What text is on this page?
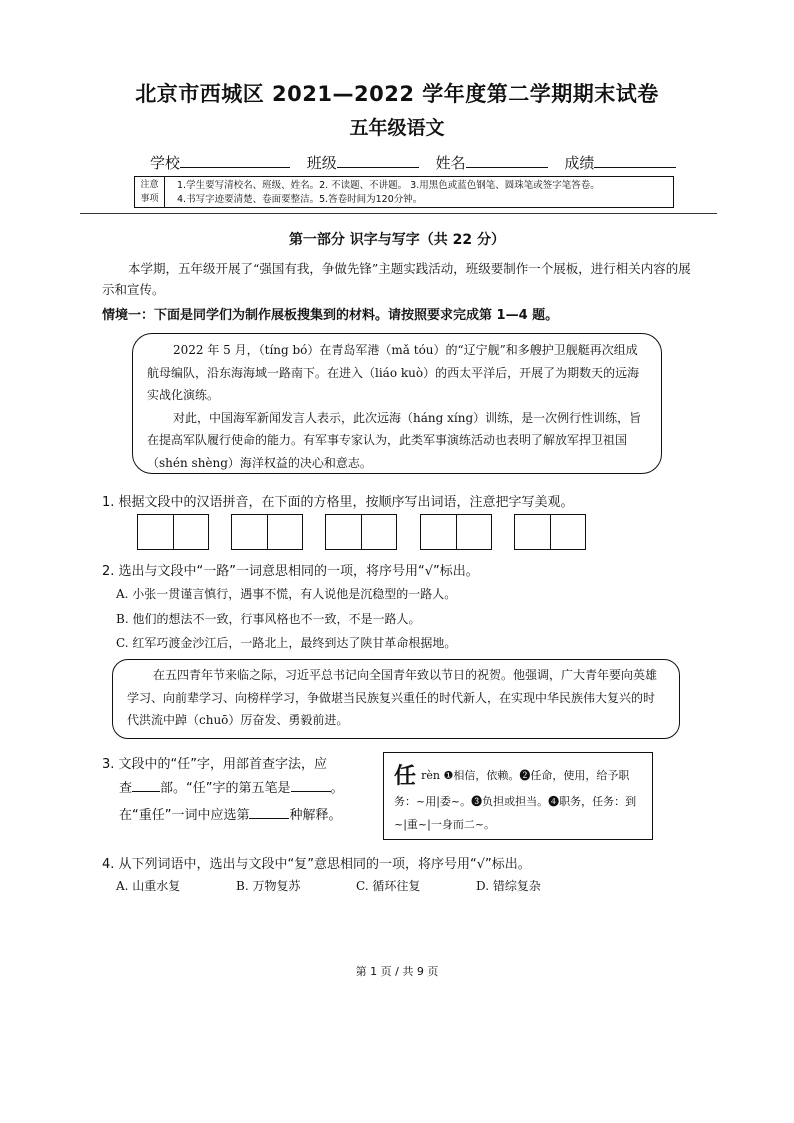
北京市西城区 2021—2022 学年度第二学期期末试卷
五年级语文
学校	班级	姓名	成绩
注意
事项
1.学生要写清校名、班级、姓名。2. 不读题、不讲题。 3.用黑色或蓝色钢笔、圆珠笔或签字笔答卷。
4.书写字迹要清楚、卷面要整洁。5.答卷时间为120分钟。
第一部分 识字与写字（共 22 分）
本学期，五年级开展了“强国有我，争做先锋”主题实践活动，班级要制作一个展板，进行相关内容的展示和宣传。
情境一：下面是同学们为制作展板搜集到的材料。请按照要求完成第 1—4 题。

2022 年 5 月，（tíng bó）在青岛军港（mǎ tóu）的“辽宁舰”和多艘护卫舰艇再次组成航母编队，沿东海海域一路南下。在进入（liáo kuò）的西太平洋后，开展了为期数天的远海实战化演练。

对此，中国海军新闻发言人表示，此次远海（háng xíng）训练，是一次例行性训练，旨在提高军队履行使命的能力。有军事专家认为，此类军事演练活动也表明了解放军捍卫祖国（shén shèng）海洋权益的决心和意志。

1. 根据文段中的汉语拼音，在下面的方格里，按顺序写出词语，注意把字写美观。
2. 选出与文段中“一路”一词意思相同的一项，将序号用“√”标出。
A. 小张一贯谨言慎行，遇事不慌，有人说他是沉稳型的一路人。
B. 他们的想法不一致，行事风格也不一致，不是一路人。
C. 红军巧渡金沙江后，一路北上，最终到达了陕甘革命根据地。

在五四青年节来临之际，习近平总书记向全国青年致以节日的祝贺。他强调，广大青年要向英雄学习、向前辈学习、向榜样学习，争做堪当民族复兴重任的时代新人，在实现中华民族伟大复兴的时代洪流中踔（chuō）厉奋发、勇毅前进。

3. 文段中的“任”字，用部首查字法，应
查 部。“任”字的第五笔是	。
在“重任”一词中应选第	种解释。
任 rèn ❶相信，依赖。❷任命，使用，给予职务：~用|委~。❸负担或担当。❹职务，任务：到~|重~|一身而二~。
4. 从下列词语中，选出与文段中“复”意思相同的一项，将序号用“√”标出。
A. 山重水复	B. 万物复苏	C. 循环往复	D. 错综复杂
第 1 页 / 共 9 页
